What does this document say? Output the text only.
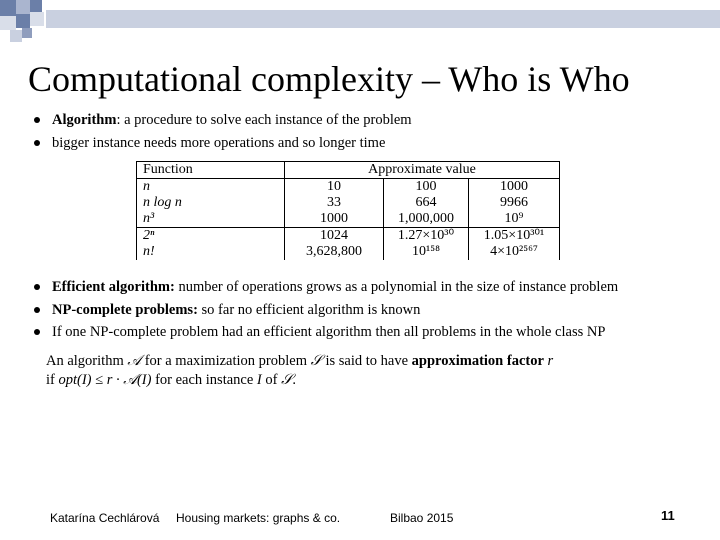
Computational complexity – Who is Who
Algorithm: a procedure to solve each instance of the problem
bigger instance needs more operations and so longer time
Function	Approximate value		
n	10	100	1000
n log n	33	664	9966
n³	1000	1,000,000	10⁹
2ⁿ	1024	1.27×10³⁰	1.05×10³⁰¹
n!	3,628,800	10¹⁵⁸	4×10²⁵⁶⁷
Efficient algorithm: number of operations grows as a polynomial in the size of instance problem
NP-complete problems: so far no efficient algorithm is known
If one NP-complete problem had an efficient algorithm then all problems in the whole class NP
An algorithm 𝒜 for a maximization problem 𝒮 is said to have approximation factor r
if opt(I) ≤ r · 𝒜(I) for each instance I of 𝒮.
Katarína Cechlárová Housing markets: graphs & co.	Bilbao 2015	11
